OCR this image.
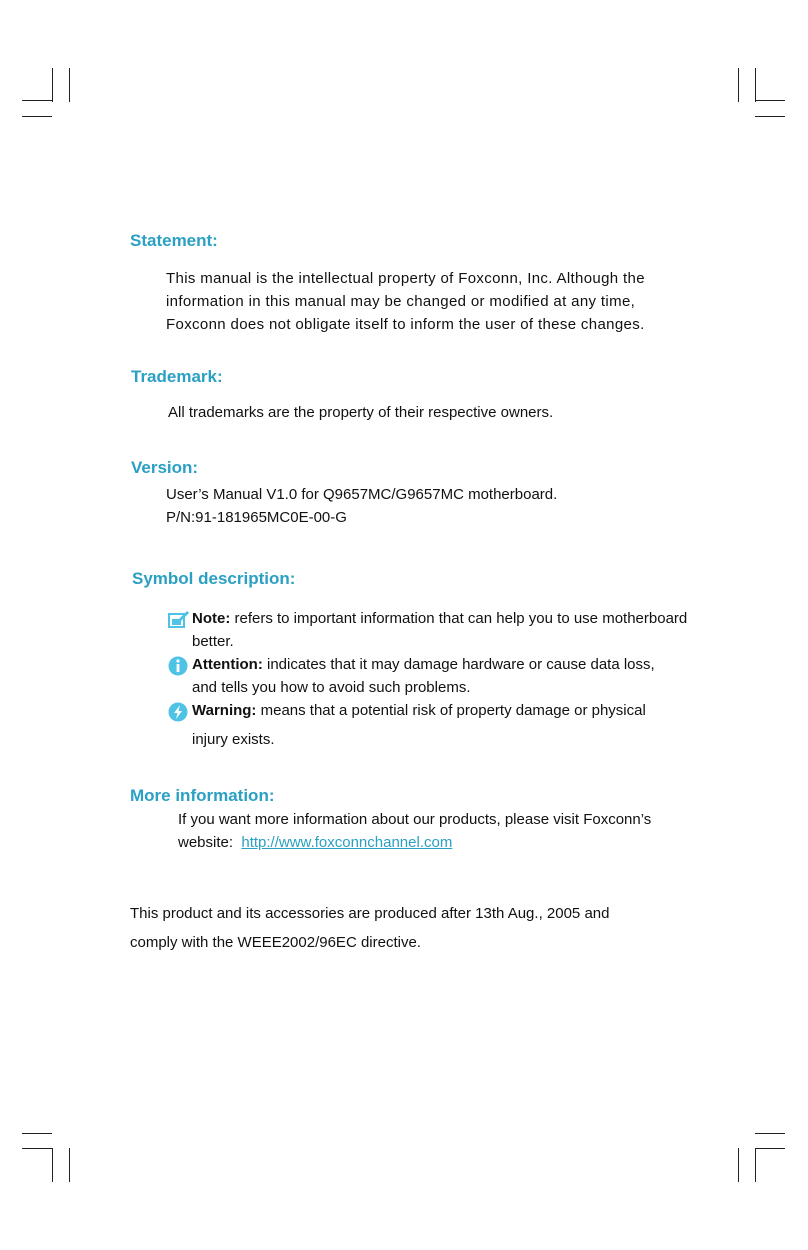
Statement:

This manual is the intellectual property of Foxconn, Inc. Although the
information in this manual may be changed or modified at any time,
Foxconn does not obligate itself to inform the user of these changes.

Trademark:

All trademarks are the property of their respective owners.

Version:

User’s Manual V1.0 for Q9657MC/G9657MC motherboard.
P/N:91-181965MC0E-00-G

Symbol description:

Note: refers to important information that can help you to use motherboard
better.

Attention: indicates that it may damage hardware or cause data loss,
and tells you how to avoid such problems.

Warning: means that a potential risk of property damage or physical
injury exists.

More information:

If you want more information about our products, please visit Foxconn’s
website:  http://www.foxconnchannel.com

This product and its accessories are produced after 13th Aug., 2005 and
comply with the WEEE2002/96EC directive.
